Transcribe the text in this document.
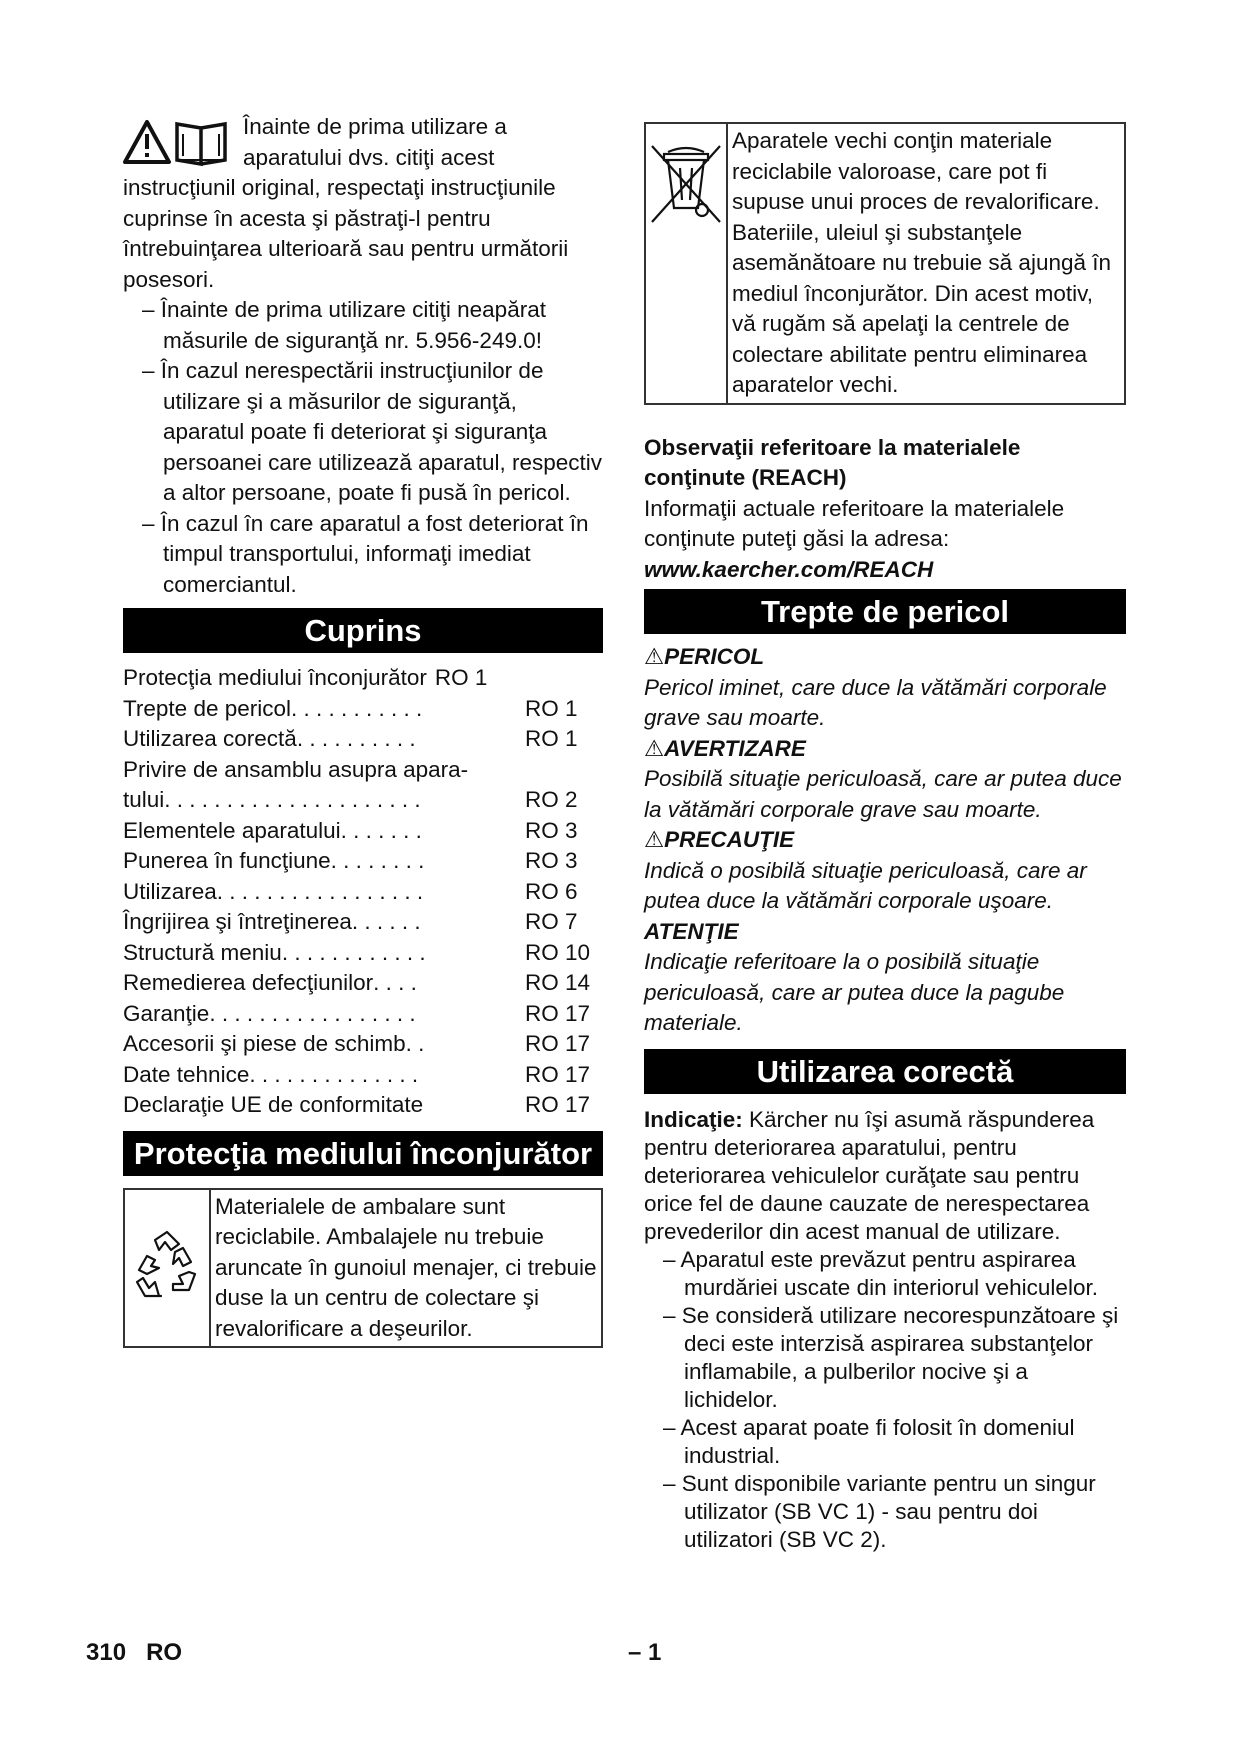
Înainte de prima utilizare a aparatului dvs. citiţi acest instrucţiunil original, respectaţi instrucţiunile cuprinse în acesta şi păstraţi-l pentru întrebuinţarea ulterioară sau pentru următorii posesori.

– Înainte de prima utilizare citiţi neapărat măsurile de siguranţă nr. 5.956-249.0!

– În cazul nerespectării instrucţiunilor de utilizare şi a măsurilor de siguranţă, aparatul poate fi deteriorat şi siguranţa persoanei care utilizează aparatul, respectiv a altor persoane, poate fi pusă în pericol.

– În cazul în care aparatul a fost deteriorat în timpul transportului, informaţi imediat comerciantul.

Cuprins
Protecţia mediului înconjurător RO 1
Trepte de pericol . . . . . . . . . . .	RO 1
Utilizarea corectă . . . . . . . . . .	RO 1
Privire de ansamblu asupra apara-
tului . . . . . . . . . . . . . . . . . . . . .	RO 2
Elementele aparatului . . . . . . .	RO 3
Punerea în funcţiune . . . . . . . .	RO 3
Utilizarea . . . . . . . . . . . . . . . . .	RO 6
Îngrijirea şi întreţinerea . . . . . .	RO 7
Structură meniu . . . . . . . . . . . .	RO 10
Remedierea defecţiunilor . . . .	RO 14
Garanţie . . . . . . . . . . . . . . . . .	RO 17
Accesorii şi piese de schimb . .	RO 17
Date tehnice . . . . . . . . . . . . . .	RO 17
Declaraţie UE de conformitate	RO 17
Protecţia mediului înconjurător
Materialele de ambalare sunt reciclabile. Ambalajele nu trebuie aruncate în gunoiul menajer, ci trebuie duse la un centru de colectare şi revalorificare a deşeurilor.
Aparatele vechi conţin materiale reciclabile valoroase, care pot fi supuse unui proces de revalorificare. Bateriile, uleiul şi substanţele asemănătoare nu trebuie să ajungă în mediul înconjurător. Din acest motiv, vă rugăm să apelaţi la centrele de colectare abilitate pentru eliminarea aparatelor vechi.

Observaţii referitoare la materialele conţinute (REACH)

Informaţii actuale referitoare la materialele conţinute puteţi găsi la adresa:

www.kaercher.com/REACH

Trepte de pericol

⚠PERICOL

Pericol iminet, care duce la vătămări corporale grave sau moarte.

⚠AVERTIZARE

Posibilă situaţie periculoasă, care ar putea duce la vătămări corporale grave sau moarte.

⚠PRECAUŢIE

Indică o posibilă situaţie periculoasă, care ar putea duce la vătămări corporale uşoare.

ATENŢIE

Indicaţie referitoare la o posibilă situaţie periculoasă, care ar putea duce la pagube materiale.

Utilizarea corectă

Indicaţie: Kärcher nu îşi asumă răspunderea pentru deteriorarea aparatului, pentru deteriorarea vehiculelor curăţate sau pentru orice fel de daune cauzate de nerespectarea prevederilor din acest manual de utilizare.

– Aparatul este prevăzut pentru aspirarea murdăriei uscate din interiorul vehiculelor.

– Se consideră utilizare necorespunzătoare şi deci este interzisă aspirarea substanţelor inflamabile, a pulberilor nocive şi a lichidelor.

– Acest aparat poate fi folosit în domeniul industrial.

– Sunt disponibile variante pentru un singur utilizator (SB VC 1) - sau pentru doi utilizatori (SB VC 2).

310 RO	– 1
